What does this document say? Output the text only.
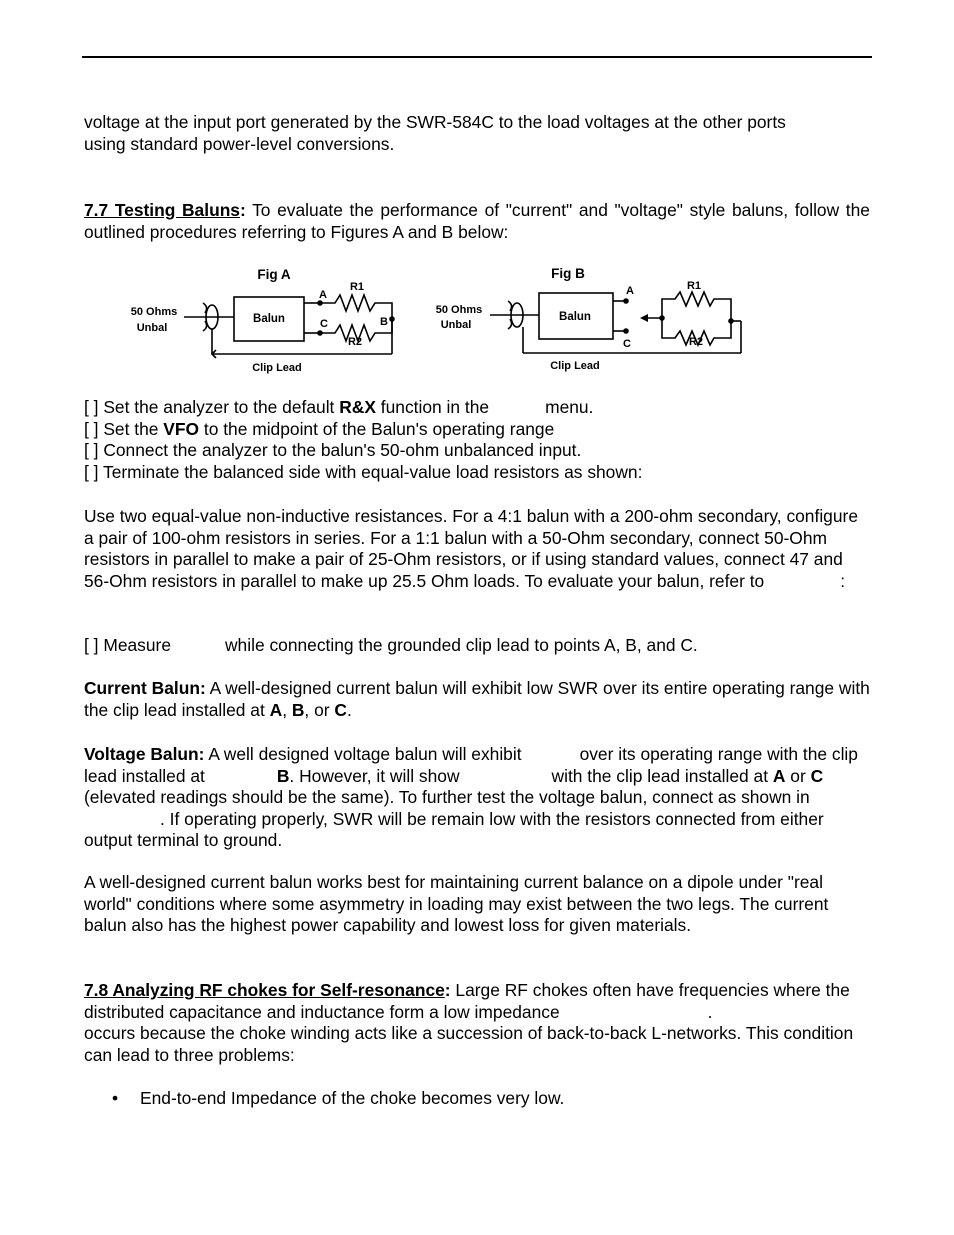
voltage at the input port generated by the SWR-584C to the load voltages at the other ports
using standard power-level conversions.

7.7 Testing Baluns: To evaluate the performance of "current" and "voltage" style baluns, follow the outlined procedures referring to Figures A and B below:

Fig A
50 Ohms
Unbal
Balun
A
C	B
R1
R2
Clip Lead
Fig B
50 Ohms
Unbal
Balun
A
C
R1
R2
Clip Lead
[ ] Set the analyzer to the default R&X function in the	menu.
[ ] Set the VFO to the midpoint of the Balun's operating range
[ ] Connect the analyzer to the balun's 50-ohm unbalanced input.
[ ] Terminate the balanced side with equal-value load resistors as shown:

Use two equal-value non-inductive resistances. For a 4:1 balun with a 200-ohm secondary, configure a pair of 100-ohm resistors in series. For a 1:1 balun with a 50-Ohm secondary, connect 50-Ohm resistors in parallel to make a pair of 25-Ohm resistors, or if using standard values, connect 47 and 56-Ohm resistors in parallel to make up 25.5 Ohm loads. To evaluate your balun, refer to	:

[ ] Measure	while connecting the grounded clip lead to points A, B, and C.

Current Balun: A well-designed current balun will exhibit low SWR over its entire operating range with the clip lead installed at A, B, or C.

Voltage Balun: A well designed voltage balun will exhibit	over its operating range with the clip lead installed at	B. However, it will show	with the clip lead installed at A or C (elevated readings should be the same). To further test the voltage balun, connect as shown in. If operating properly, SWR will be remain low with the resistors connected from either output terminal to ground.

A well-designed current balun works best for maintaining current balance on a dipole under "real world" conditions where some asymmetry in loading may exist between the two legs. The current balun also has the highest power capability and lowest loss for given materials.

7.8 Analyzing RF chokes for Self-resonance: Large RF chokes often have frequencies where the distributed capacitance and inductance form a low impedance	.occurs because the choke winding acts like a succession of back-to-back L-networks. This condition can lead to three problems:

• End-to-end Impedance of the choke becomes very low.
